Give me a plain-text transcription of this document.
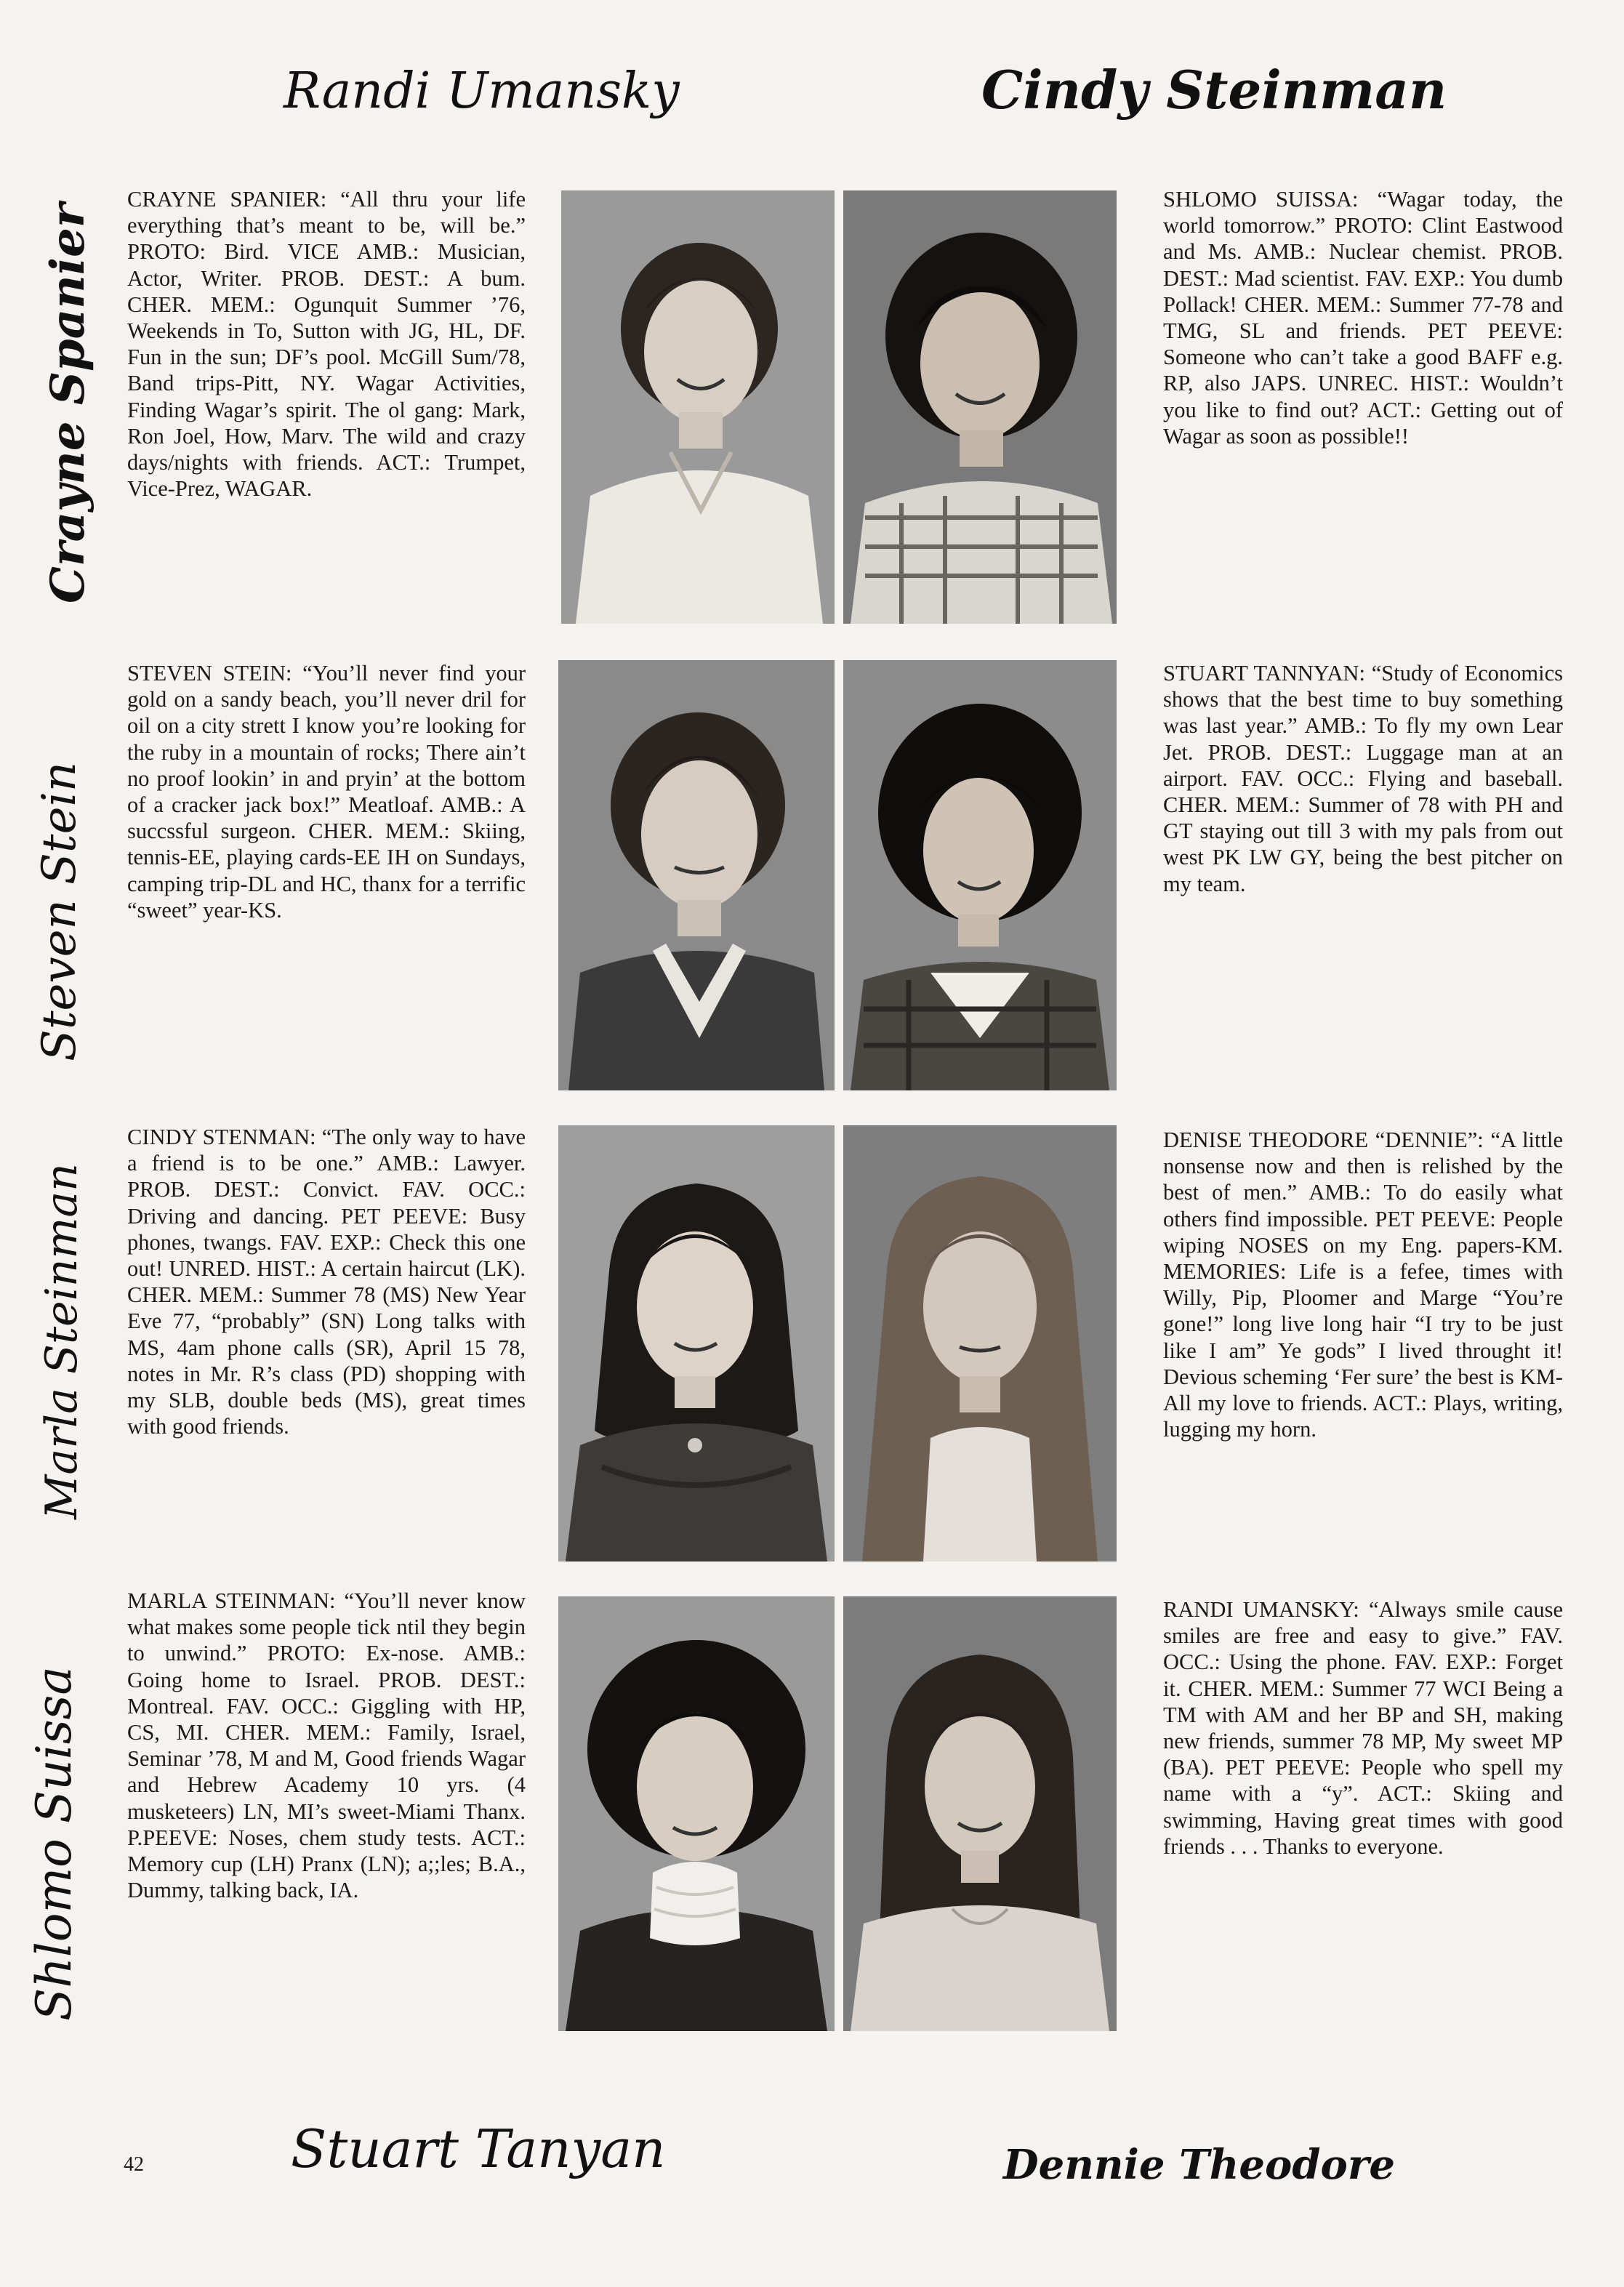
Randi Umansky	Cindy Steinman
Crayne Spanier
Steven Stein
Marla Steinman
Shlomo Suissa

CRAYNE SPANIER: “All thru your life everything that’s meant to be, will be.” PROTO: Bird. VICE AMB.: Musician, Actor, Writer. PROB. DEST.: A bum. CHER. MEM.: Ogunquit Summer ’76, Weekends in To, Sutton with JG, HL, DF. Fun in the sun; DF’s pool. McGill Sum/78, Band trips-Pitt, NY. Wagar Activities, Finding Wagar’s spirit. The ol gang: Mark, Ron Joel, How, Marv. The wild and crazy days/nights with friends. ACT.: Trumpet, Vice-Prez, WAGAR.

SHLOMO SUISSA: “Wagar today, the world tomorrow.” PROTO: Clint Eastwood and Ms. AMB.: Nuclear chemist. PROB. DEST.: Mad scientist. FAV. EXP.: You dumb Pollack! CHER. MEM.: Summer 77-78 and TMG, SL and friends. PET PEEVE: Someone who can’t take a good BAFF e.g. RP, also JAPS. UNREC. HIST.: Wouldn’t you like to find out? ACT.: Getting out of Wagar as soon as possible!!

STEVEN STEIN: “You’ll never find your gold on a sandy beach, you’ll never dril for oil on a city strett I know you’re looking for the ruby in a mountain of rocks; There ain’t no proof lookin’ in and pryin’ at the bottom of a cracker jack box!” Meatloaf. AMB.: A succssful surgeon. CHER. MEM.: Skiing, tennis-EE, playing cards-EE IH on Sundays, camping trip-DL and HC, thanx for a terrific “sweet” year-KS.

STUART TANNYAN: “Study of Economics shows that the best time to buy something was last year.” AMB.: To fly my own Lear Jet. PROB. DEST.: Luggage man at an airport. FAV. OCC.: Flying and baseball. CHER. MEM.: Summer of 78 with PH and GT staying out till 3 with my pals from out west PK LW GY, being the best pitcher on my team.

CINDY STENMAN: “The only way to have a friend is to be one.” AMB.: Lawyer. PROB. DEST.: Convict. FAV. OCC.: Driving and dancing. PET PEEVE: Busy phones, twangs. FAV. EXP.: Check this one out! UNRED. HIST.: A certain haircut (LK). CHER. MEM.: Summer 78 (MS) New Year Eve 77, “probably” (SN) Long talks with MS, 4am phone calls (SR), April 15 78, notes in Mr. R’s class (PD) shopping with my SLB, double beds (MS), great times with good friends.

DENISE THEODORE “DENNIE”: “A little nonsense now and then is relished by the best of men.” AMB.: To do easily what others find impossible. PET PEEVE: People wiping NOSES on my Eng. papers-KM. MEMORIES: Life is a fefee, times with Willy, Pip, Ploomer and Marge “You’re gone!” long live long hair “I try to be just like I am” Ye gods” I lived throught it! Devious scheming ‘Fer sure’ the best is KM-All my love to friends. ACT.: Plays, writing, lugging my horn.

MARLA STEINMAN: “You’ll never know what makes some people tick ntil they begin to unwind.” PROTO: Ex-nose. AMB.: Going home to Israel. PROB. DEST.: Montreal. FAV. OCC.: Giggling with HP, CS, MI. CHER. MEM.: Family, Israel, Seminar ’78, M and M, Good friends Wagar and Hebrew Academy 10 yrs. (4 musketeers) LN, MI’s sweet-Miami Thanx. P.PEEVE: Noses, chem study tests. ACT.: Memory cup (LH) Pranx (LN); a;;les; B.A., Dummy, talking back, IA.

RANDI UMANSKY: “Always smile cause smiles are free and easy to give.” FAV. OCC.: Using the phone. FAV. EXP.: Forget it. CHER. MEM.: Summer 77 WCI Being a TM with AM and her BP and SH, making new friends, summer 78 MP, My sweet MP (BA). PET PEEVE: People who spell my name with a “y”. ACT.: Skiing and swimming, Having great times with good friends . . . Thanks to everyone.

42	Stuart Tanyan	Dennie Theodore
